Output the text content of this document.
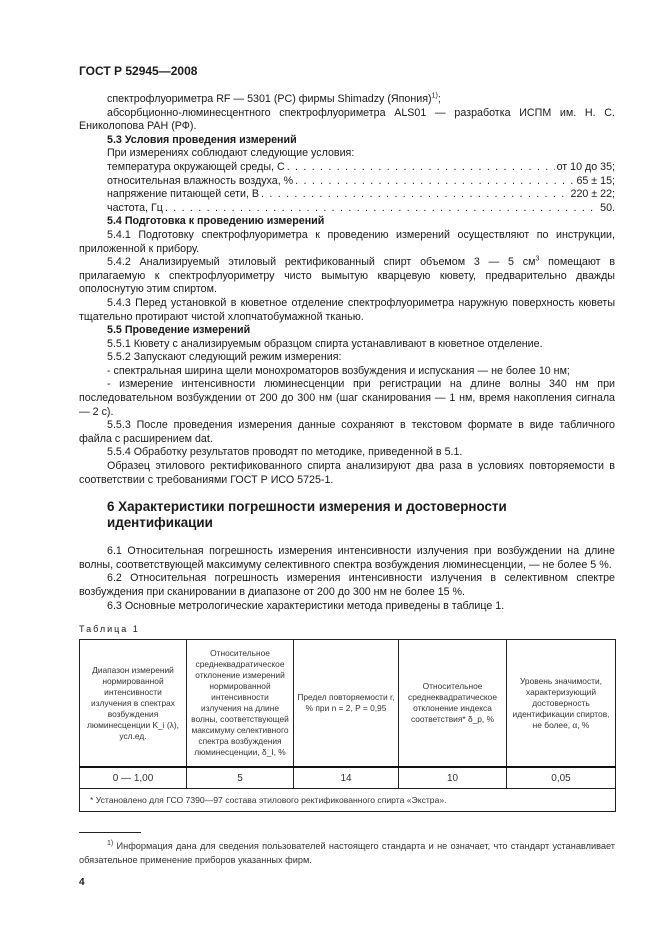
ГОСТ Р 52945—2008

спектрофлуориметра RF — 5301 (PC) фирмы Shimadzy (Япония)$^{1)}$;

абсорбционно-люминесцентного спектрофлуориметра ALS01 — разработка ИСПМ им. Н. С. Ениколопова РАН (РФ).

5.3 Условия проведения измерений

При измерениях соблюдают следующие условия:

температура окружающей среды, С . . .	от 10 до 35;
относительная влажность воздуха, % . . .	65 ± 15;
напряжение питающей сети, В . . .	220 ± 22;
частота, Гц . . .	50.

5.4 Подготовка к проведению измерений

5.4.1 Подготовку спектрофлуориметра к проведению измерений осуществляют по инструкции, приложенной к прибору.

5.4.2 Анализируемый этиловый ректификованный спирт объемом 3 — 5 $см^3$ помещают в прилагаемую к спектрофлуориметру чисто вымытую кварцевую кювету, предварительно дважды ополоснутую этим спиртом.

5.4.3 Перед установкой в кюветное отделение спектрофлуориметра наружную поверхность кюветы тщательно протирают чистой хлопчатобумажной тканью.

5.5 Проведение измерений

5.5.1 Кювету с анализируемым образцом спирта устанавливают в кюветное отделение.

5.5.2 Запускают следующий режим измерения:

- спектральная ширина щели монохроматоров возбуждения и испускания — не более 10 нм;

- измерение интенсивности люминесценции при регистрации на длине волны 340 нм при последовательном возбуждении от 200 до 300 нм (шаг сканирования — 1 нм, время накопления сигнала — 2 с).

5.5.3 После проведения измерения данные сохраняют в текстовом формате в виде табличного файла с расширением dat.

5.5.4 Обработку результатов проводят по методике, приведенной в 5.1.

Образец этилового ректификованного спирта анализируют два раза в условиях повторяемости в соответствии с требованиями ГОСТ Р ИСО 5725-1.

6 Характеристики погрешности измерения и достоверности идентификации

6.1 Относительная погрешность измерения интенсивности излучения при возбуждении на длине волны, соответствующей максимуму селективного спектра возбуждения люминесценции, — не более 5 %.

6.2 Относительная погрешность измерения интенсивности излучения в селективном спектре возбуждения при сканировании в диапазоне от 200 до 300 нм не более 15 %.

6.3 Основные метрологические характеристики метода приведены в таблице 1.

Таблица 1
Диапазон измерений нормированной интенсивности излучения в спектрах возбуждения люминесценции K_i (λ), усл.ед.	Относительное среднеквадратическое отклонение измерений нормированной интенсивности излучения на длине волны, соответствующей максимуму селективного спектра возбуждения люминесценции, δ_I, %	Предел повторяемости r, % при n = 2, P = 0,95	Относительное среднеквадратическое отклонение индекса соответствия* δ_p, %	Уровень значимости, характеризующий достоверность идентификации спиртов, не более, α, %
0 — 1,00	5	14	10	0,05
* Установлено для ГСО 7390—97 состава этилового ректификованного спирта «Экстра».				
$^{1)}$ Информация дана для сведения пользователей настоящего стандарта и не означает, что стандарт устанавливает обязательное применение приборов указанных фирм.
4
